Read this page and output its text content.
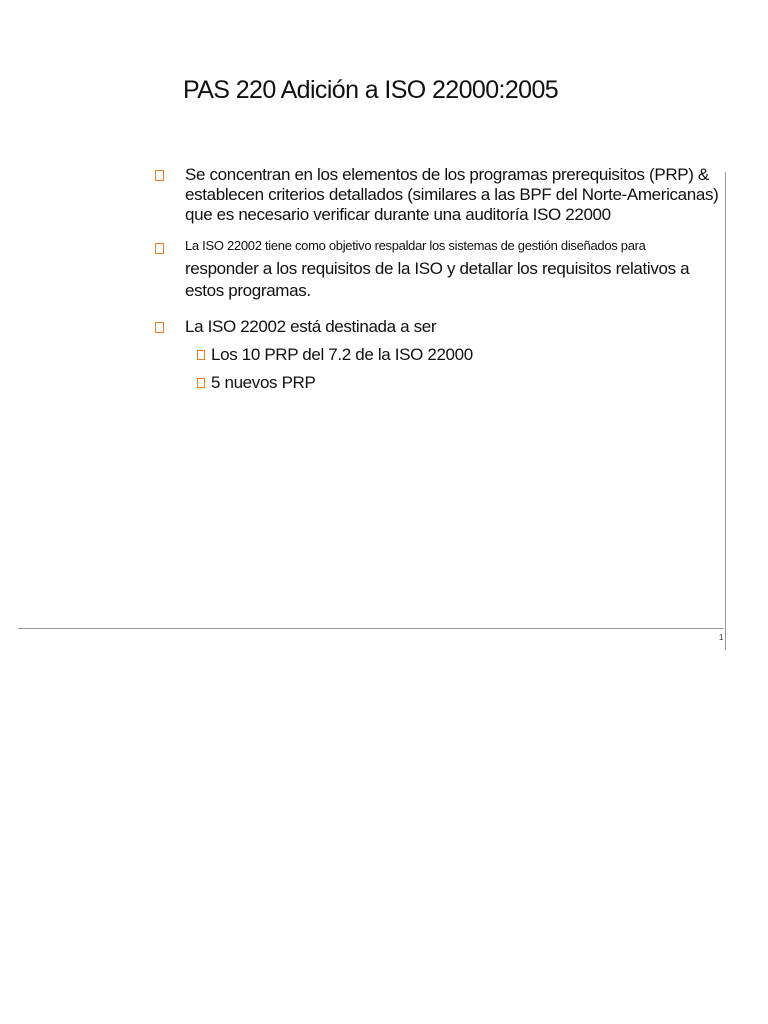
PAS 220 Adición a ISO 22000:2005
Se concentran en los elementos de los programas prerequisitos (PRP) & establecen criterios detallados (similares a las BPF del Norte-Americanas) que es necesario verificar durante una auditoría ISO 22000
La ISO 22002 tiene como objetivo respaldar los sistemas de gestión diseñados para
responder a los requisitos de la ISO y detallar los requisitos relativos a estos programas.
La ISO 22002 está destinada a ser
Los 10 PRP del 7.2 de la ISO 22000
5 nuevos PRP
1
